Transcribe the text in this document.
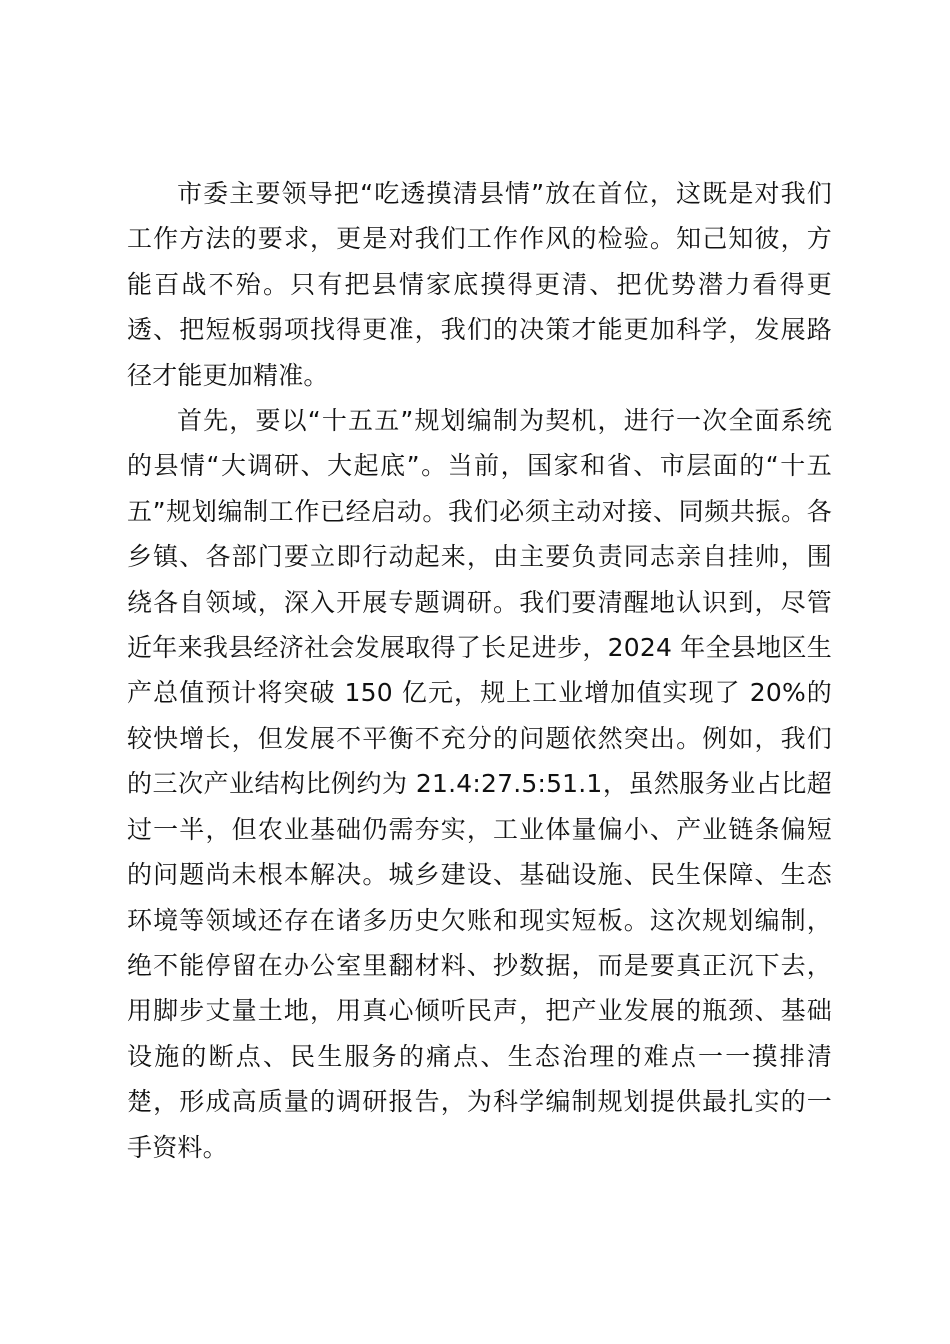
市委主要领导把“吃透摸清县情”放在首位，这既是对我们工作方法的要求，更是对我们工作作风的检验。知己知彼，方能百战不殆。只有把县情家底摸得更清、把优势潜力看得更透、把短板弱项找得更准，我们的决策才能更加科学，发展路径才能更加精准。

首先，要以“十五五”规划编制为契机，进行一次全面系统的县情“大调研、大起底”。当前，国家和省、市层面的“十五五”规划编制工作已经启动。我们必须主动对接、同频共振。各乡镇、各部门要立即行动起来，由主要负责同志亲自挂帅，围绕各自领域，深入开展专题调研。我们要清醒地认识到，尽管近年来我县经济社会发展取得了长足进步，2024 年全县地区生产总值预计将突破 150 亿元，规上工业增加值实现了 20%的较快增长，但发展不平衡不充分的问题依然突出。例如，我们的三次产业结构比例约为 21.4:27.5:51.1，虽然服务业占比超过一半，但农业基础仍需夯实，工业体量偏小、产业链条偏短的问题尚未根本解决。城乡建设、基础设施、民生保障、生态环境等领域还存在诸多历史欠账和现实短板。这次规划编制，绝不能停留在办公室里翻材料、抄数据，而是要真正沉下去，用脚步丈量土地，用真心倾听民声，把产业发展的瓶颈、基础设施的断点、民生服务的痛点、生态治理的难点一一摸排清楚，形成高质量的调研报告，为科学编制规划提供最扎实的一手资料。
